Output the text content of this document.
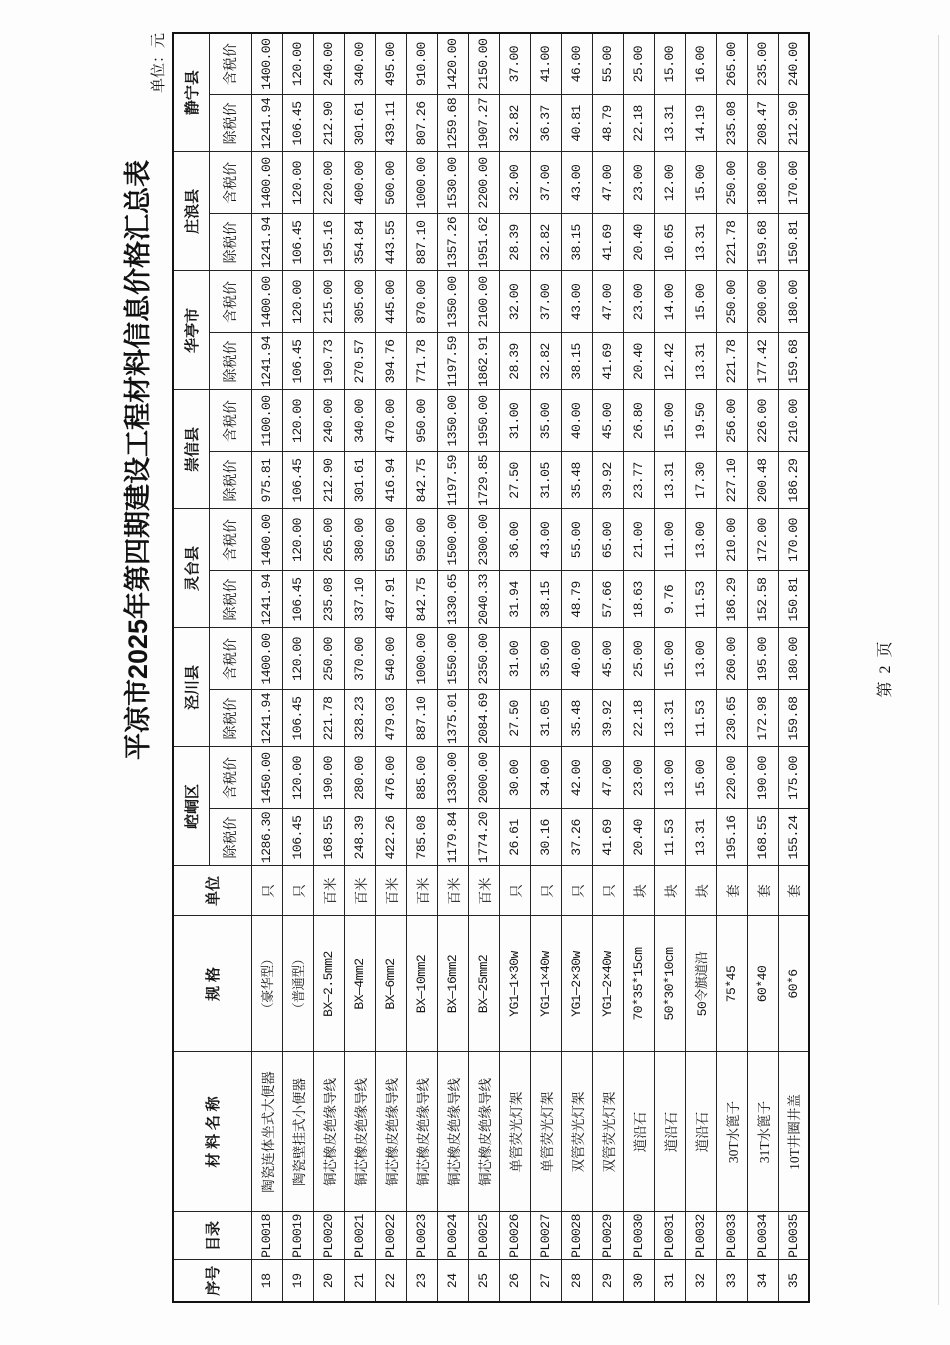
平凉市2025年第四期建设工程材料信息价格汇总表
单位：元
序号	目录	材 料 名 称	规 格	单位	崆峒区		泾川县		灵台县		崇信县		华亭市		庄浪县		静宁县	
					除税价	含税价	除税价	含税价	除税价	含税价	除税价	含税价	除税价	含税价	除税价	含税价	除税价	含税价
18	PL0018	陶瓷连体坐式大便器	（豪华型）	只	1286.30	1450.00	1241.94	1400.00	1241.94	1400.00	975.81	1100.00	1241.94	1400.00	1241.94	1400.00	1241.94	1400.00
19	PL0019	陶瓷壁挂式小便器	（普通型）	只	106.45	120.00	106.45	120.00	106.45	120.00	106.45	120.00	106.45	120.00	106.45	120.00	106.45	120.00
20	PL0020	铜芯橡皮绝缘导线	BX—2.5mm2	百米	168.55	190.00	221.78	250.00	235.08	265.00	212.90	240.00	190.73	215.00	195.16	220.00	212.90	240.00
21	PL0021	铜芯橡皮绝缘导线	BX—4mm2	百米	248.39	280.00	328.23	370.00	337.10	380.00	301.61	340.00	270.57	305.00	354.84	400.00	301.61	340.00
22	PL0022	铜芯橡皮绝缘导线	BX—6mm2	百米	422.26	476.00	479.03	540.00	487.91	550.00	416.94	470.00	394.76	445.00	443.55	500.00	439.11	495.00
23	PL0023	铜芯橡皮绝缘导线	BX—10mm2	百米	785.08	885.00	887.10	1000.00	842.75	950.00	842.75	950.00	771.78	870.00	887.10	1000.00	807.26	910.00
24	PL0024	铜芯橡皮绝缘导线	BX—16mm2	百米	1179.84	1330.00	1375.01	1550.00	1330.65	1500.00	1197.59	1350.00	1197.59	1350.00	1357.26	1530.00	1259.68	1420.00
25	PL0025	铜芯橡皮绝缘导线	BX—25mm2	百米	1774.20	2000.00	2084.69	2350.00	2040.33	2300.00	1729.85	1950.00	1862.91	2100.00	1951.62	2200.00	1907.27	2150.00
26	PL0026	单管荧光灯架	YG1—1×30w	只	26.61	30.00	27.50	31.00	31.94	36.00	27.50	31.00	28.39	32.00	28.39	32.00	32.82	37.00
27	PL0027	单管荧光灯架	YG1—1×40w	只	30.16	34.00	31.05	35.00	38.15	43.00	31.05	35.00	32.82	37.00	32.82	37.00	36.37	41.00
28	PL0028	双管荧光灯架	YG1—2×30w	只	37.26	42.00	35.48	40.00	48.79	55.00	35.48	40.00	38.15	43.00	38.15	43.00	40.81	46.00
29	PL0029	双管荧光灯架	YG1—2×40w	只	41.69	47.00	39.92	45.00	57.66	65.00	39.92	45.00	41.69	47.00	41.69	47.00	48.79	55.00
30	PL0030	道沿石	70*35*15cm	块	20.40	23.00	22.18	25.00	18.63	21.00	23.77	26.80	20.40	23.00	20.40	23.00	22.18	25.00
31	PL0031	道沿石	50*30*10cm	块	11.53	13.00	13.31	15.00	9.76	11.00	13.31	15.00	12.42	14.00	10.65	12.00	13.31	15.00
32	PL0032	道沿石	50令旗道沿	块	13.31	15.00	11.53	13.00	11.53	13.00	17.30	19.50	13.31	15.00	13.31	15.00	14.19	16.00
33	PL0033	30T水篦子	75*45	套	195.16	220.00	230.65	260.00	186.29	210.00	227.10	256.00	221.78	250.00	221.78	250.00	235.08	265.00
34	PL0034	31T水篦子	60*40	套	168.55	190.00	172.98	195.00	152.58	172.00	200.48	226.00	177.42	200.00	159.68	180.00	208.47	235.00
35	PL0035	10T井圈井盖	60*6	套	155.24	175.00	159.68	180.00	150.81	170.00	186.29	210.00	159.68	180.00	150.81	170.00	212.90	240.00
第 2 页
